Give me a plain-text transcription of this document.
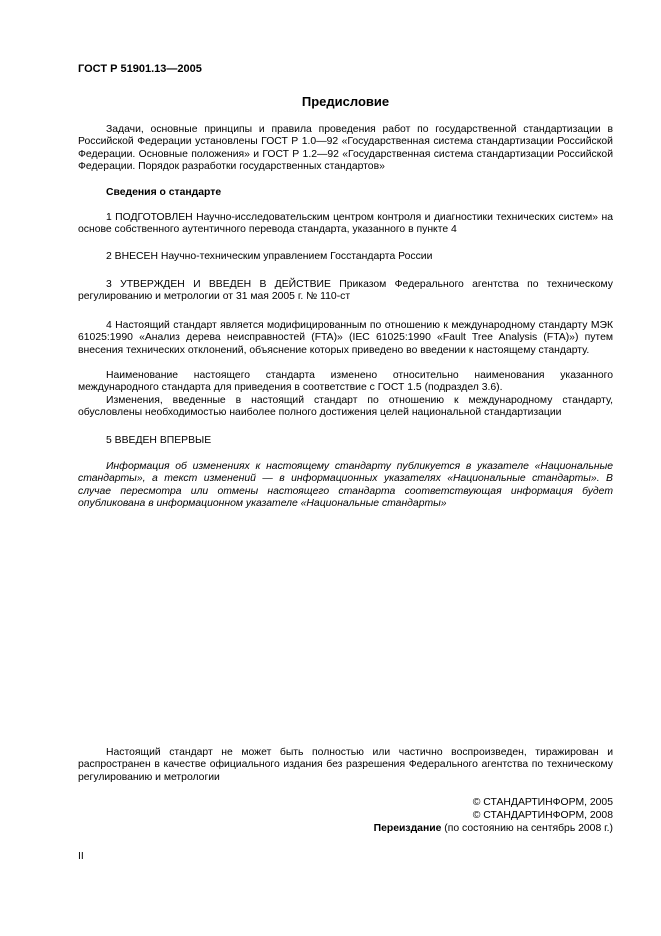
ГОСТ Р 51901.13—2005
Предисловие

Задачи, основные принципы и правила проведения работ по государственной стандартизации в Российской Федерации установлены ГОСТ Р 1.0—92 «Государственная система стандартизации Российской Федерации. Основные положения» и ГОСТ Р 1.2—92 «Государственная система стандартизации Российской Федерации. Порядок разработки государственных стандартов»

Сведения о стандарте

1 ПОДГОТОВЛЕН Научно-исследовательским центром контроля и диагностики технических систем» на основе собственного аутентичного перевода стандарта, указанного в пункте 4

2 ВНЕСЕН Научно-техническим управлением Госстандарта России

3 УТВЕРЖДЕН И ВВЕДЕН В ДЕЙСТВИЕ Приказом Федерального агентства по техническому регулированию и метрологии от 31 мая 2005 г. № 110-ст

4 Настоящий стандарт является модифицированным по отношению к международному стандарту МЭК 61025:1990 «Анализ дерева неисправностей (FTA)» (IEC 61025:1990 «Fault Tree Analysis (FTA)») путем внесения технических отклонений, объяснение которых приведено во введении к настоящему стандарту.

Наименование настоящего стандарта изменено относительно наименования указанного международного стандарта для приведения в соответствие с ГОСТ 1.5 (подраздел 3.6).

Изменения, введенные в настоящий стандарт по отношению к международному стандарту, обусловлены необходимостью наиболее полного достижения целей национальной стандартизации

5 ВВЕДЕН ВПЕРВЫЕ

Информация об изменениях к настоящему стандарту публикуется в указателе «Национальные стандарты», а текст изменений — в информационных указателях «Национальные стандарты». В случае пересмотра или отмены настоящего стандарта соответствующая информация будет опубликована в информационном указателе «Национальные стандарты»

Настоящий стандарт не может быть полностью или частично воспроизведен, тиражирован и распространен в качестве официального издания без разрешения Федерального агентства по техническому регулированию и метрологии

© СТАНДАРТИНФОРМ, 2005
© СТАНДАРТИНФОРМ, 2008
Переиздание (по состоянию на сентябрь 2008 г.)
II
